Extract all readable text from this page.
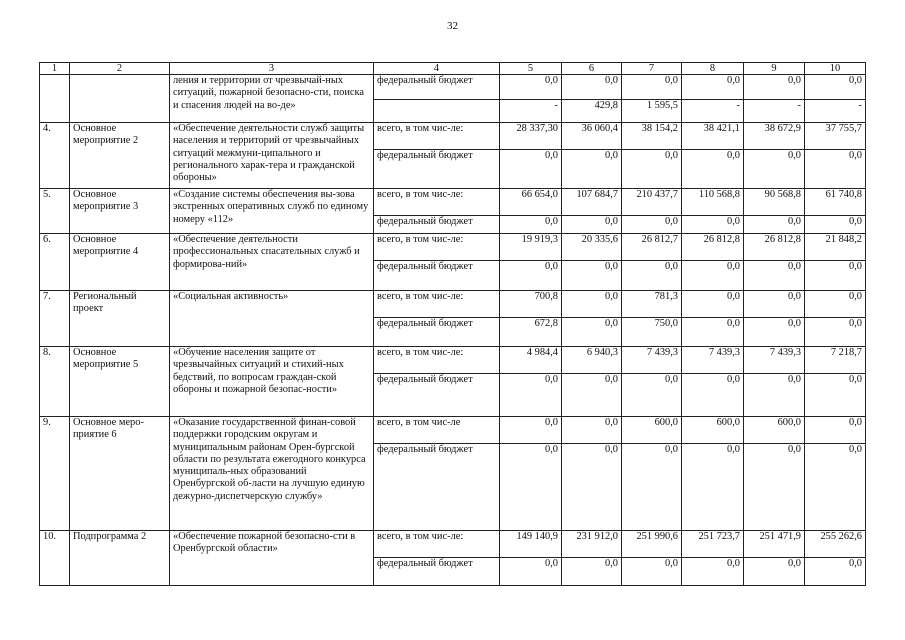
32
1	2	3	4	5	6	7	8	9	10
		ления и территории от чрезвычай-ных ситуаций, пожарной безопасно-сти, поиска и спасения людей на во-де»	федеральный бюджет	0,0	0,0	0,0	0,0	0,0	0,0
				-	429,8	1 595,5	-	-	-
4.	Основное мероприятие 2	«Обеспечение деятельности служб защиты населения и территорий от чрезвычайных ситуаций межмуни-ципального и регионального харак-тера и гражданской обороны»	всего, в том чис-ле:	28 337,30	36 060,4	38 154,2	38 421,1	38 672,9	37 755,7
			федеральный бюджет	0,0	0,0	0,0	0,0	0,0	0,0
5.	Основное мероприятие 3	«Создание системы обеспечения вы-зова экстренных оперативных служб по единому номеру «112»	всего, в том чис-ле:	66 654,0	107 684,7	210 437,7	110 568,8	90 568,8	61 740,8
			федеральный бюджет	0,0	0,0	0,0	0,0	0,0	0,0
6.	Основное мероприятие 4	«Обеспечение деятельности профессиональных спасательных служб и формирова-ний»	всего, в том чис-ле:	19 919,3	20 335,6	26 812,7	26 812,8	26 812,8	21 848,2
			федеральный бюджет	0,0	0,0	0,0	0,0	0,0	0,0
7.	Региональный проект	«Социальная активность»	всего, в том чис-ле:	700,8	0,0	781,3	0,0	0,0	0,0
			федеральный бюджет	672,8	0,0	750,0	0,0	0,0	0,0
8.	Основное мероприятие 5	«Обучение населения защите от чрезвычайных ситуаций и стихий-ных бедствий, по вопросам граждан-ской обороны и пожарной безопас-ности»	всего, в том чис-ле:	4 984,4	6 940,3	7 439,3	7 439,3	7 439,3	7 218,7
			федеральный бюджет	0,0	0,0	0,0	0,0	0,0	0,0
9.	Основное меро-приятие 6	«Оказание государственной финан-совой поддержки городским округам и муниципальным районам Орен-бургской области по результата ежегодного конкурса муниципаль-ных образований Оренбургской об-ласти на лучшую единую дежурно-диспетчерскую службу»	всего, в том чис-ле	0,0	0,0	600,0	600,0	600,0	0,0
			федеральный бюджет	0,0	0,0	0,0	0,0	0,0	0,0
10.	Подпрограмма 2	«Обеспечение пожарной безопасно-сти в Оренбургской области»	всего, в том чис-ле:	149 140,9	231 912,0	251 990,6	251 723,7	251 471,9	255 262,6
			федеральный бюджет	0,0	0,0	0,0	0,0	0,0	0,0
